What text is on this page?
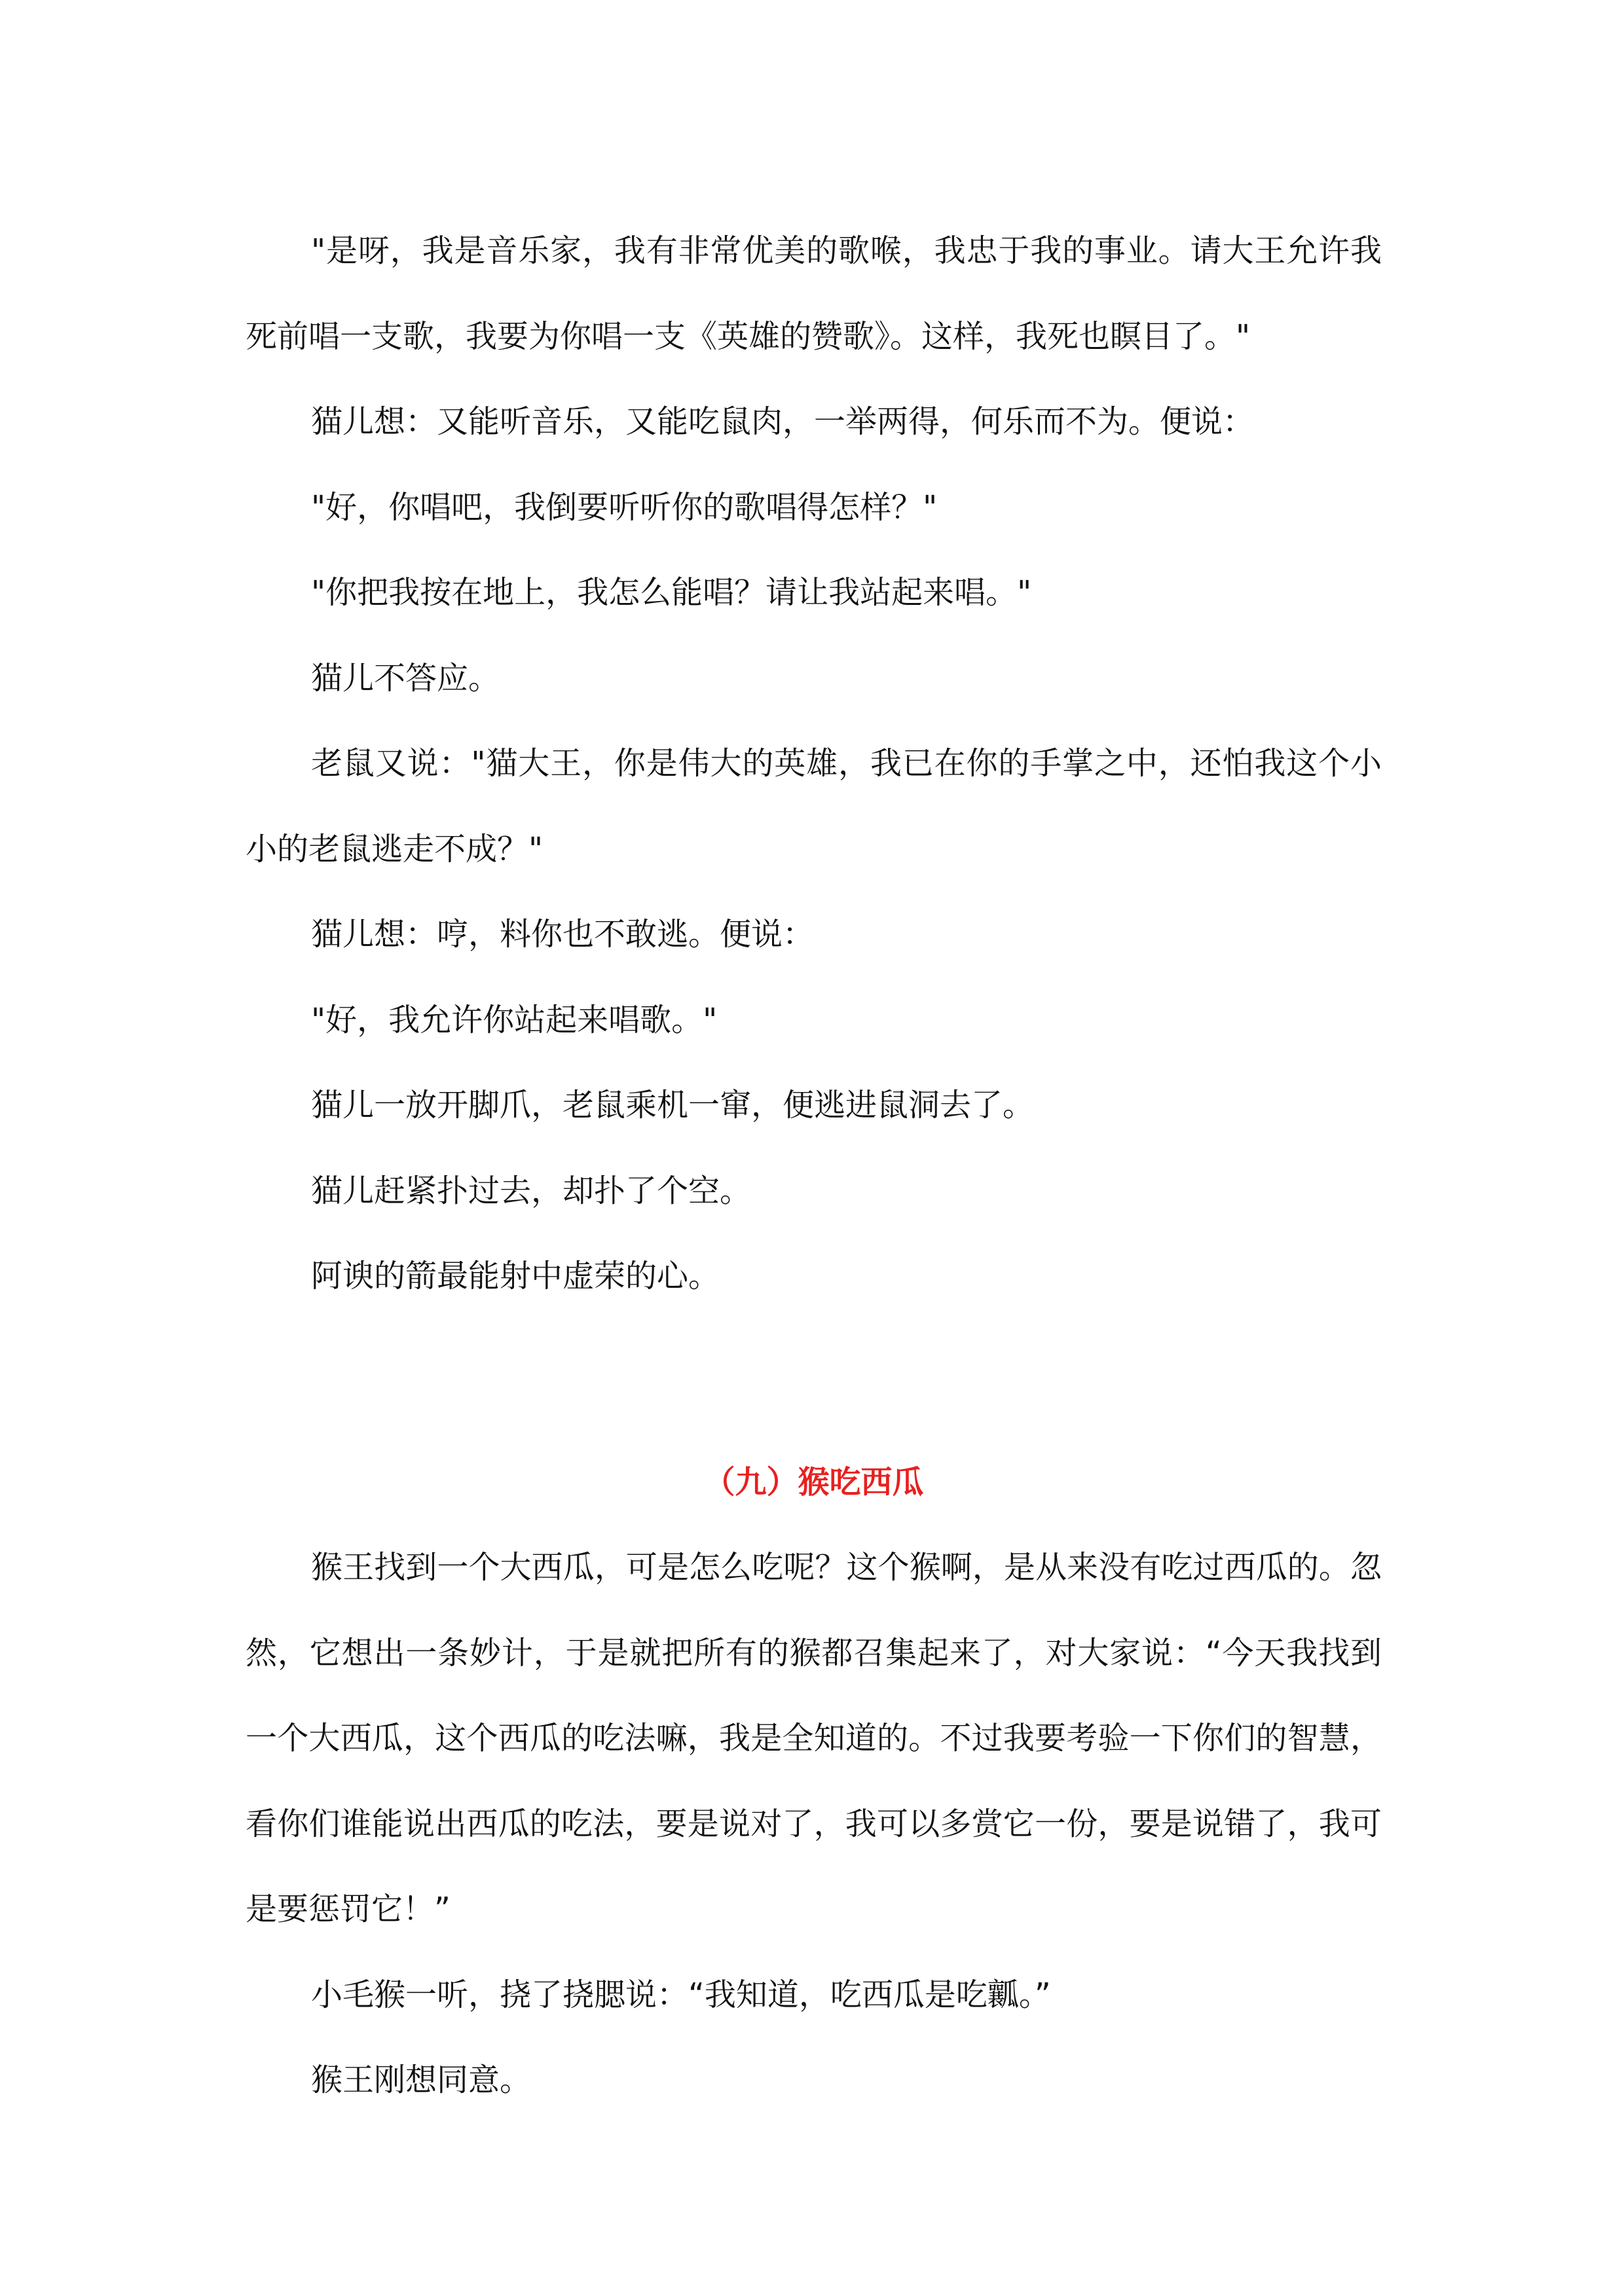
"是呀，我是音乐家，我有非常优美的歌喉，我忠于我的事业。请大王允许我死前唱一支歌，我要为你唱一支《英雄的赞歌》。这样，我死也瞑目了。"

猫儿想：又能听音乐，又能吃鼠肉，一举两得，何乐而不为。便说：

"好，你唱吧，我倒要听听你的歌唱得怎样？"

"你把我按在地上，我怎么能唱？请让我站起来唱。"

猫儿不答应。

老鼠又说："猫大王，你是伟大的英雄，我已在你的手掌之中，还怕我这个小小的老鼠逃走不成？"

猫儿想：哼，料你也不敢逃。便说：

"好，我允许你站起来唱歌。"

猫儿一放开脚爪，老鼠乘机一窜，便逃进鼠洞去了。

猫儿赶紧扑过去，却扑了个空。

阿谀的箭最能射中虚荣的心。

（九）猴吃西瓜

猴王找到一个大西瓜，可是怎么吃呢？这个猴啊，是从来没有吃过西瓜的。忽然，它想出一条妙计，于是就把所有的猴都召集起来了，对大家说：“今天我找到一个大西瓜，这个西瓜的吃法嘛，我是全知道的。不过我要考验一下你们的智慧，看你们谁能说出西瓜的吃法，要是说对了，我可以多赏它一份，要是说错了，我可是要惩罚它！”

小毛猴一听，挠了挠腮说：“我知道，吃西瓜是吃瓤。”

猴王刚想同意。
